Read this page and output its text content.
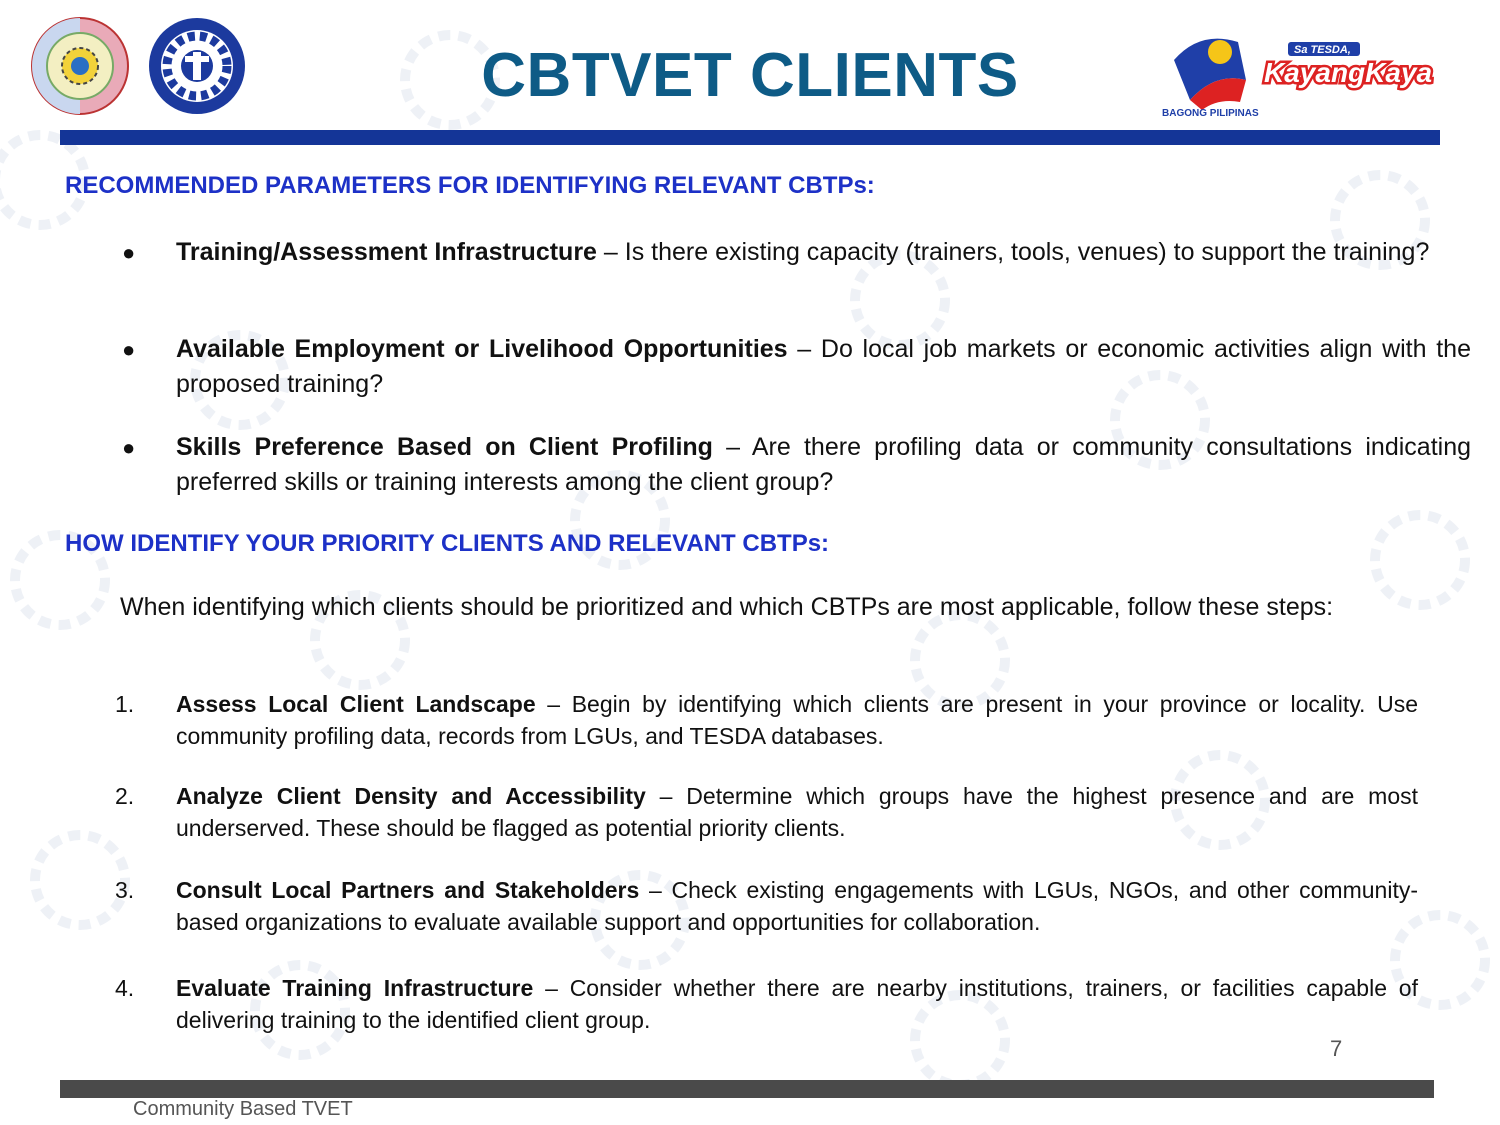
BAGONG PILIPINAS
Sa TESDA,
KayangKaya
CBTVET CLIENTS
RECOMMENDED PARAMETERS FOR IDENTIFYING RELEVANT CBTPs:
● Training/Assessment Infrastructure – Is there existing capacity (trainers, tools, venues) to support the training?
● Available Employment or Livelihood Opportunities – Do local job markets or economic activities align with the proposed training?
● Skills Preference Based on Client Profiling – Are there profiling data or community consultations indicating preferred skills or training interests among the client group?
HOW IDENTIFY YOUR PRIORITY CLIENTS AND RELEVANT CBTPs:
When identifying which clients should be prioritized and which CBTPs are most applicable, follow these steps:
1. Assess Local Client Landscape – Begin by identifying which clients are present in your province or locality. Use community profiling data, records from LGUs, and TESDA databases.
2. Analyze Client Density and Accessibility – Determine which groups have the highest presence and are most underserved. These should be flagged as potential priority clients.
3. Consult Local Partners and Stakeholders – Check existing engagements with LGUs, NGOs, and other community-based organizations to evaluate available support and opportunities for collaboration.
4. Evaluate Training Infrastructure – Consider whether there are nearby institutions, trainers, or facilities capable of delivering training to the identified client group.
7
Community Based TVET
